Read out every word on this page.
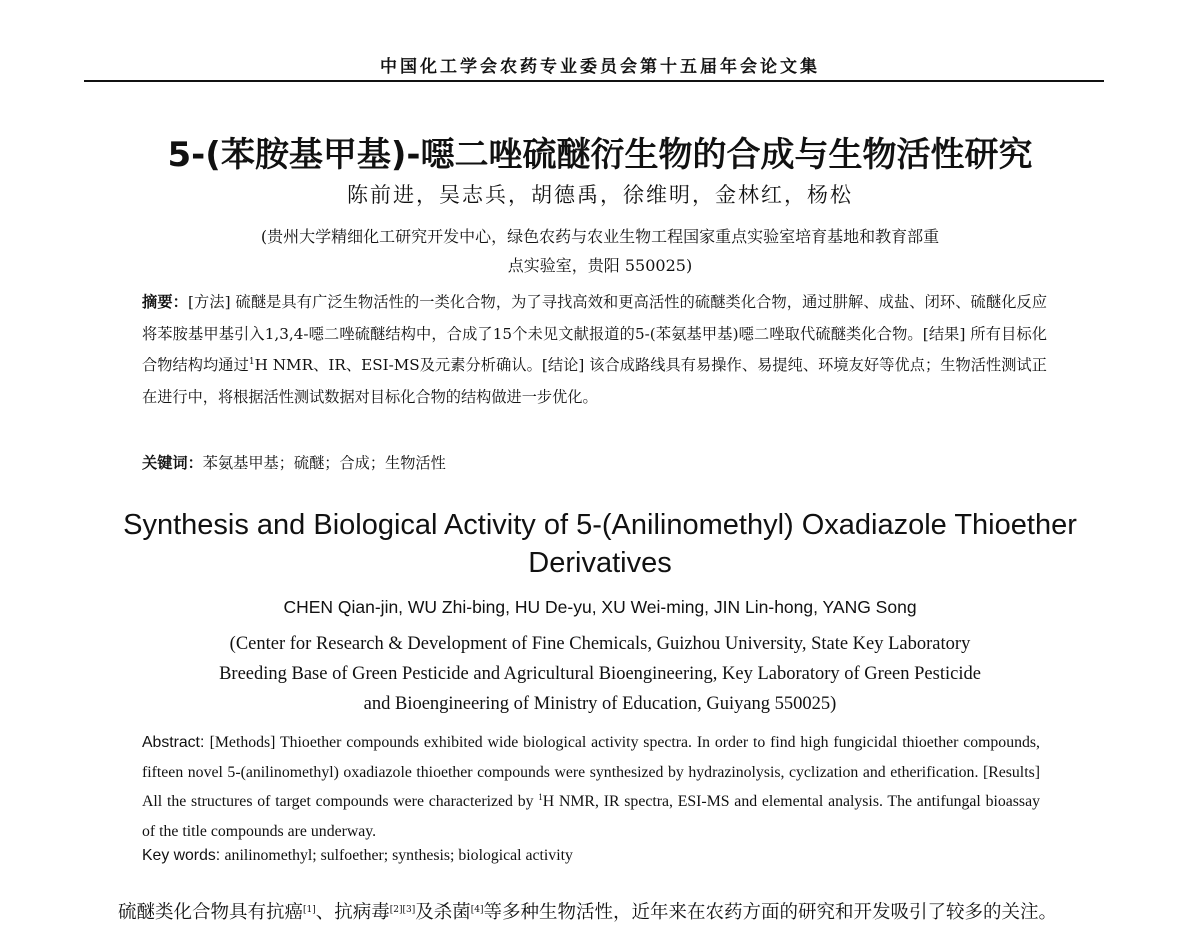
中国化工学会农药专业委员会第十五届年会论文集
5-(苯胺基甲基)-噁二唑硫醚衍生物的合成与生物活性研究
陈前进，吴志兵，胡德禹，徐维明，金林红，杨松
(贵州大学精细化工研究开发中心，绿色农药与农业生物工程国家重点实验室培育基地和教育部重
点实验室，贵阳 550025)
摘要：[方法] 硫醚是具有广泛生物活性的一类化合物，为了寻找高效和更高活性的硫醚类化合物，通过肼解、成盐、闭环、硫醚化反应将苯胺基甲基引入1,3,4-噁二唑硫醚结构中，合成了15个未见文献报道的5-(苯氨基甲基)噁二唑取代硫醚类化合物。[结果] 所有目标化合物结构均通过$^1$H NMR、IR、ESI-MS及元素分析确认。[结论] 该合成路线具有易操作、易提纯、环境友好等优点；生物活性测试正在进行中，将根据活性测试数据对目标化合物的结构做进一步优化。
关键词：苯氨基甲基；硫醚；合成；生物活性
Synthesis and Biological Activity of 5-(Anilinomethyl) Oxadiazole Thioether
Derivatives
CHEN Qian-jin, WU Zhi-bing, HU De-yu, XU Wei-ming, JIN Lin-hong, YANG Song
(Center for Research & Development of Fine Chemicals, Guizhou University, State Key Laboratory
Breeding Base of Green Pesticide and Agricultural Bioengineering, Key Laboratory of Green Pesticide
and Bioengineering of Ministry of Education, Guiyang 550025)
Abstract: [Methods] Thioether compounds exhibited wide biological activity spectra. In order to find high fungicidal thioether compounds, fifteen novel 5-(anilinomethyl) oxadiazole thioether compounds were synthesized by hydrazinolysis, cyclization and etherification. [Results] All the structures of target compounds were characterized by $^1$H NMR, IR spectra, ESI-MS and elemental analysis. The antifungal bioassay of the title compounds are underway.
Key words: anilinomethyl; sulfoether; synthesis; biological activity
硫醚类化合物具有抗癌[1]、抗病毒[2][3]及杀菌[4]等多种生物活性，近年来在农药方面的研究和开发吸引了较多的关注。
